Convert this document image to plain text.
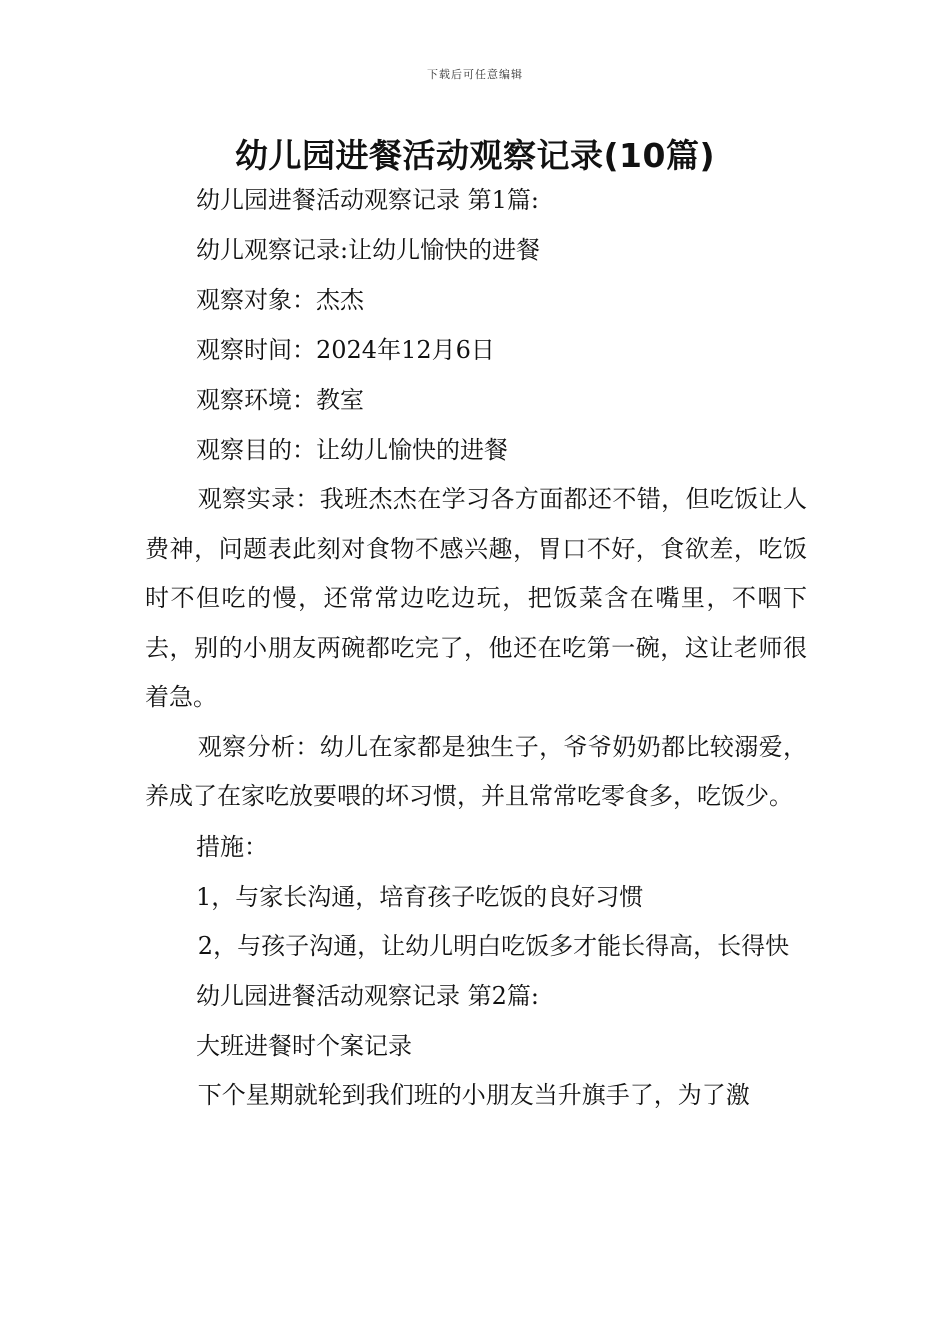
下载后可任意编辑
幼儿园进餐活动观察记录(10篇)
幼儿园进餐活动观察记录 第1篇:
幼儿观察记录:让幼儿愉快的进餐
观察对象：杰杰
观察时间：2024年12月6日
观察环境：教室
观察目的：让幼儿愉快的进餐

观察实录：我班杰杰在学习各方面都还不错，但吃饭让人费神，问题表此刻对食物不感兴趣，胃口不好，食欲差，吃饭时不但吃的慢，还常常边吃边玩，把饭菜含在嘴里，不咽下去，别的小朋友两碗都吃完了，他还在吃第一碗，这让老师很着急。

观察分析：幼儿在家都是独生子，爷爷奶奶都比较溺爱，养成了在家吃放要喂的坏习惯，并且常常吃零食多，吃饭少。

措施：
1，与家长沟通，培育孩子吃饭的良好习惯

2，与孩子沟通，让幼儿明白吃饭多才能长得高，长得快

幼儿园进餐活动观察记录 第2篇:
大班进餐时个案记录

下个星期就轮到我们班的小朋友当升旗手了，为了激
